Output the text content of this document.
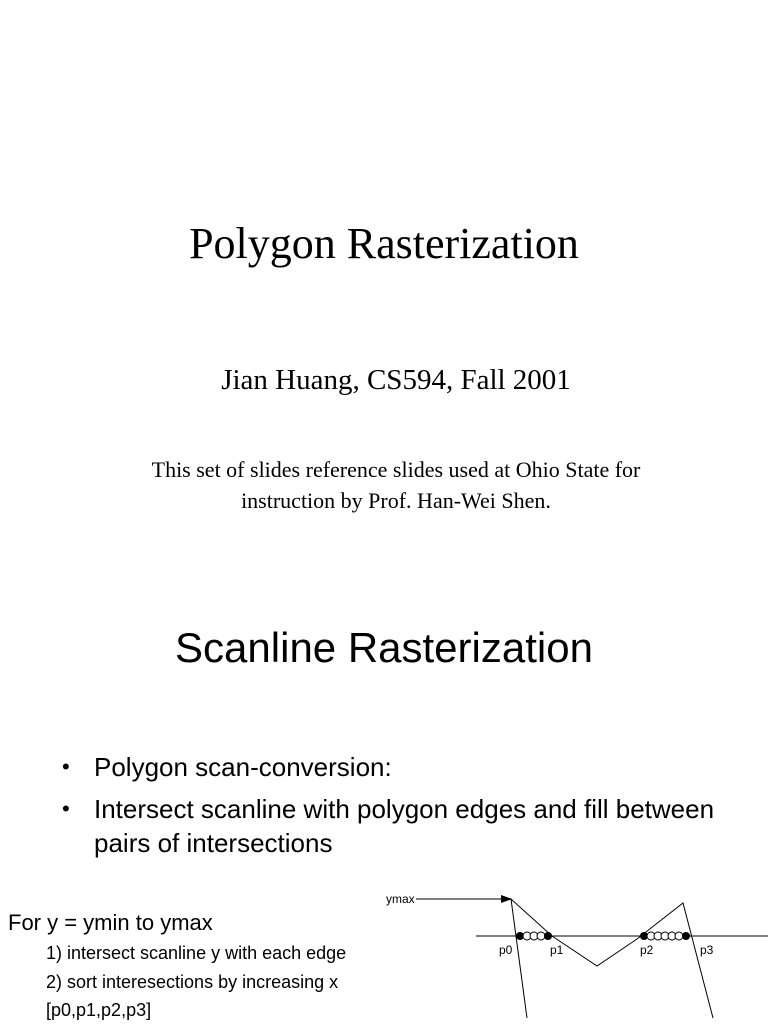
Polygon Rasterization
Jian Huang, CS594, Fall 2001
This set of slides reference slides used at Ohio State for
instruction by Prof. Han-Wei Shen.
Scanline Rasterization
• Polygon scan-conversion:
• Intersect scanline with polygon edges and fill between pairs of intersections
For y = ymin to ymax
1) intersect scanline y with each edge
2) sort interesections by increasing x
[p0,p1,p2,p3]
ymax
p0	p1	p2	p3
